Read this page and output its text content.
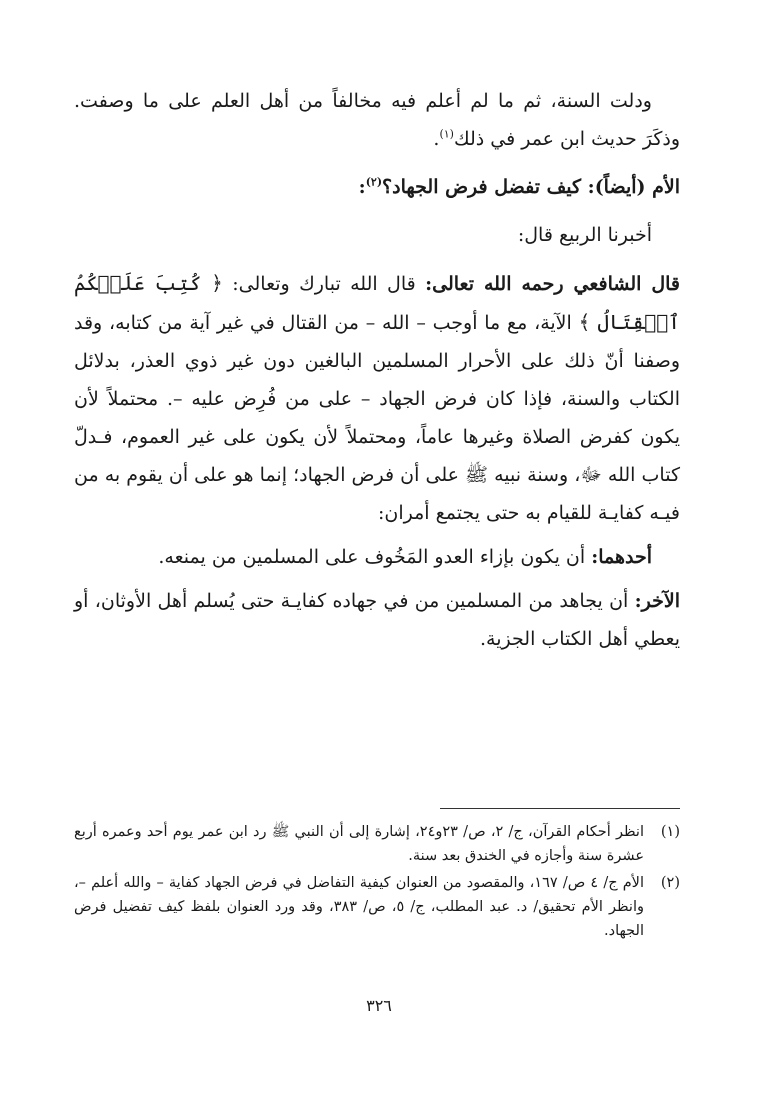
ودلت السنة، ثم ما لم أعلم فيه مخالفاً من أهل العلم على ما وصفت. وذكَرَ حديث ابن عمر في ذلك$^{(١)}$.

الأم (أيضاً): كيف تفضل فرض الجهاد؟$^{(٢)}$:

أخبرنا الربيع قال:

قال الشافعي رحمه الله تعالى: قال الله تبارك وتعالى: ﴿ كُتِبَ عَلَيۡكُمُ ٱلۡقِتَالُ ﴾ الآية، مع ما أوجب – الله – من القتال في غير آية من كتابه، وقد وصفنا أنّ ذلك على الأحرار المسلمين البالغين دون غير ذوي العذر، بدلائل الكتاب والسنة، فإذا كان فرض الجهاد – على من فُرِض عليه –. محتملاً لأن يكون كفرض الصلاة وغيرها عاماً، ومحتملاً لأن يكون على غير العموم، فـدلّ كتاب الله ﷻ، وسنة نبيه ﷺ على أن فرض الجهاد؛ إنما هو على أن يقوم به من فيـه كفايـة للقيام به حتى يجتمع أمران:

أحدهما: أن يكون بإزاء العدو المَخُوف على المسلمين من يمنعه.

الآخر: أن يجاهد من المسلمين من في جهاده كفايـة حتى يُسلم أهل الأوثان، أو يعطي أهل الكتاب الجزية.

(١)
انظر أحكام القرآن، ج/ ٢، ص/ ٢٣و٢٤، إشارة إلى أن النبي ﷺ رد ابن عمر يوم أحد وعمره أربع عشرة سنة وأجازه في الخندق بعد سنة.
(٢)
الأم ج/ ٤ ص/ ١٦٧، والمقصود من العنوان كيفية التفاضل في فرض الجهاد كفاية – والله أعلم –، وانظر الأم تحقيق/ د. عبد المطلب، ج/ ٥، ص/ ٣٨٣، وقد ورد العنوان بلفظ كيف تفضيل فرض الجهاد.
٣٢٦
